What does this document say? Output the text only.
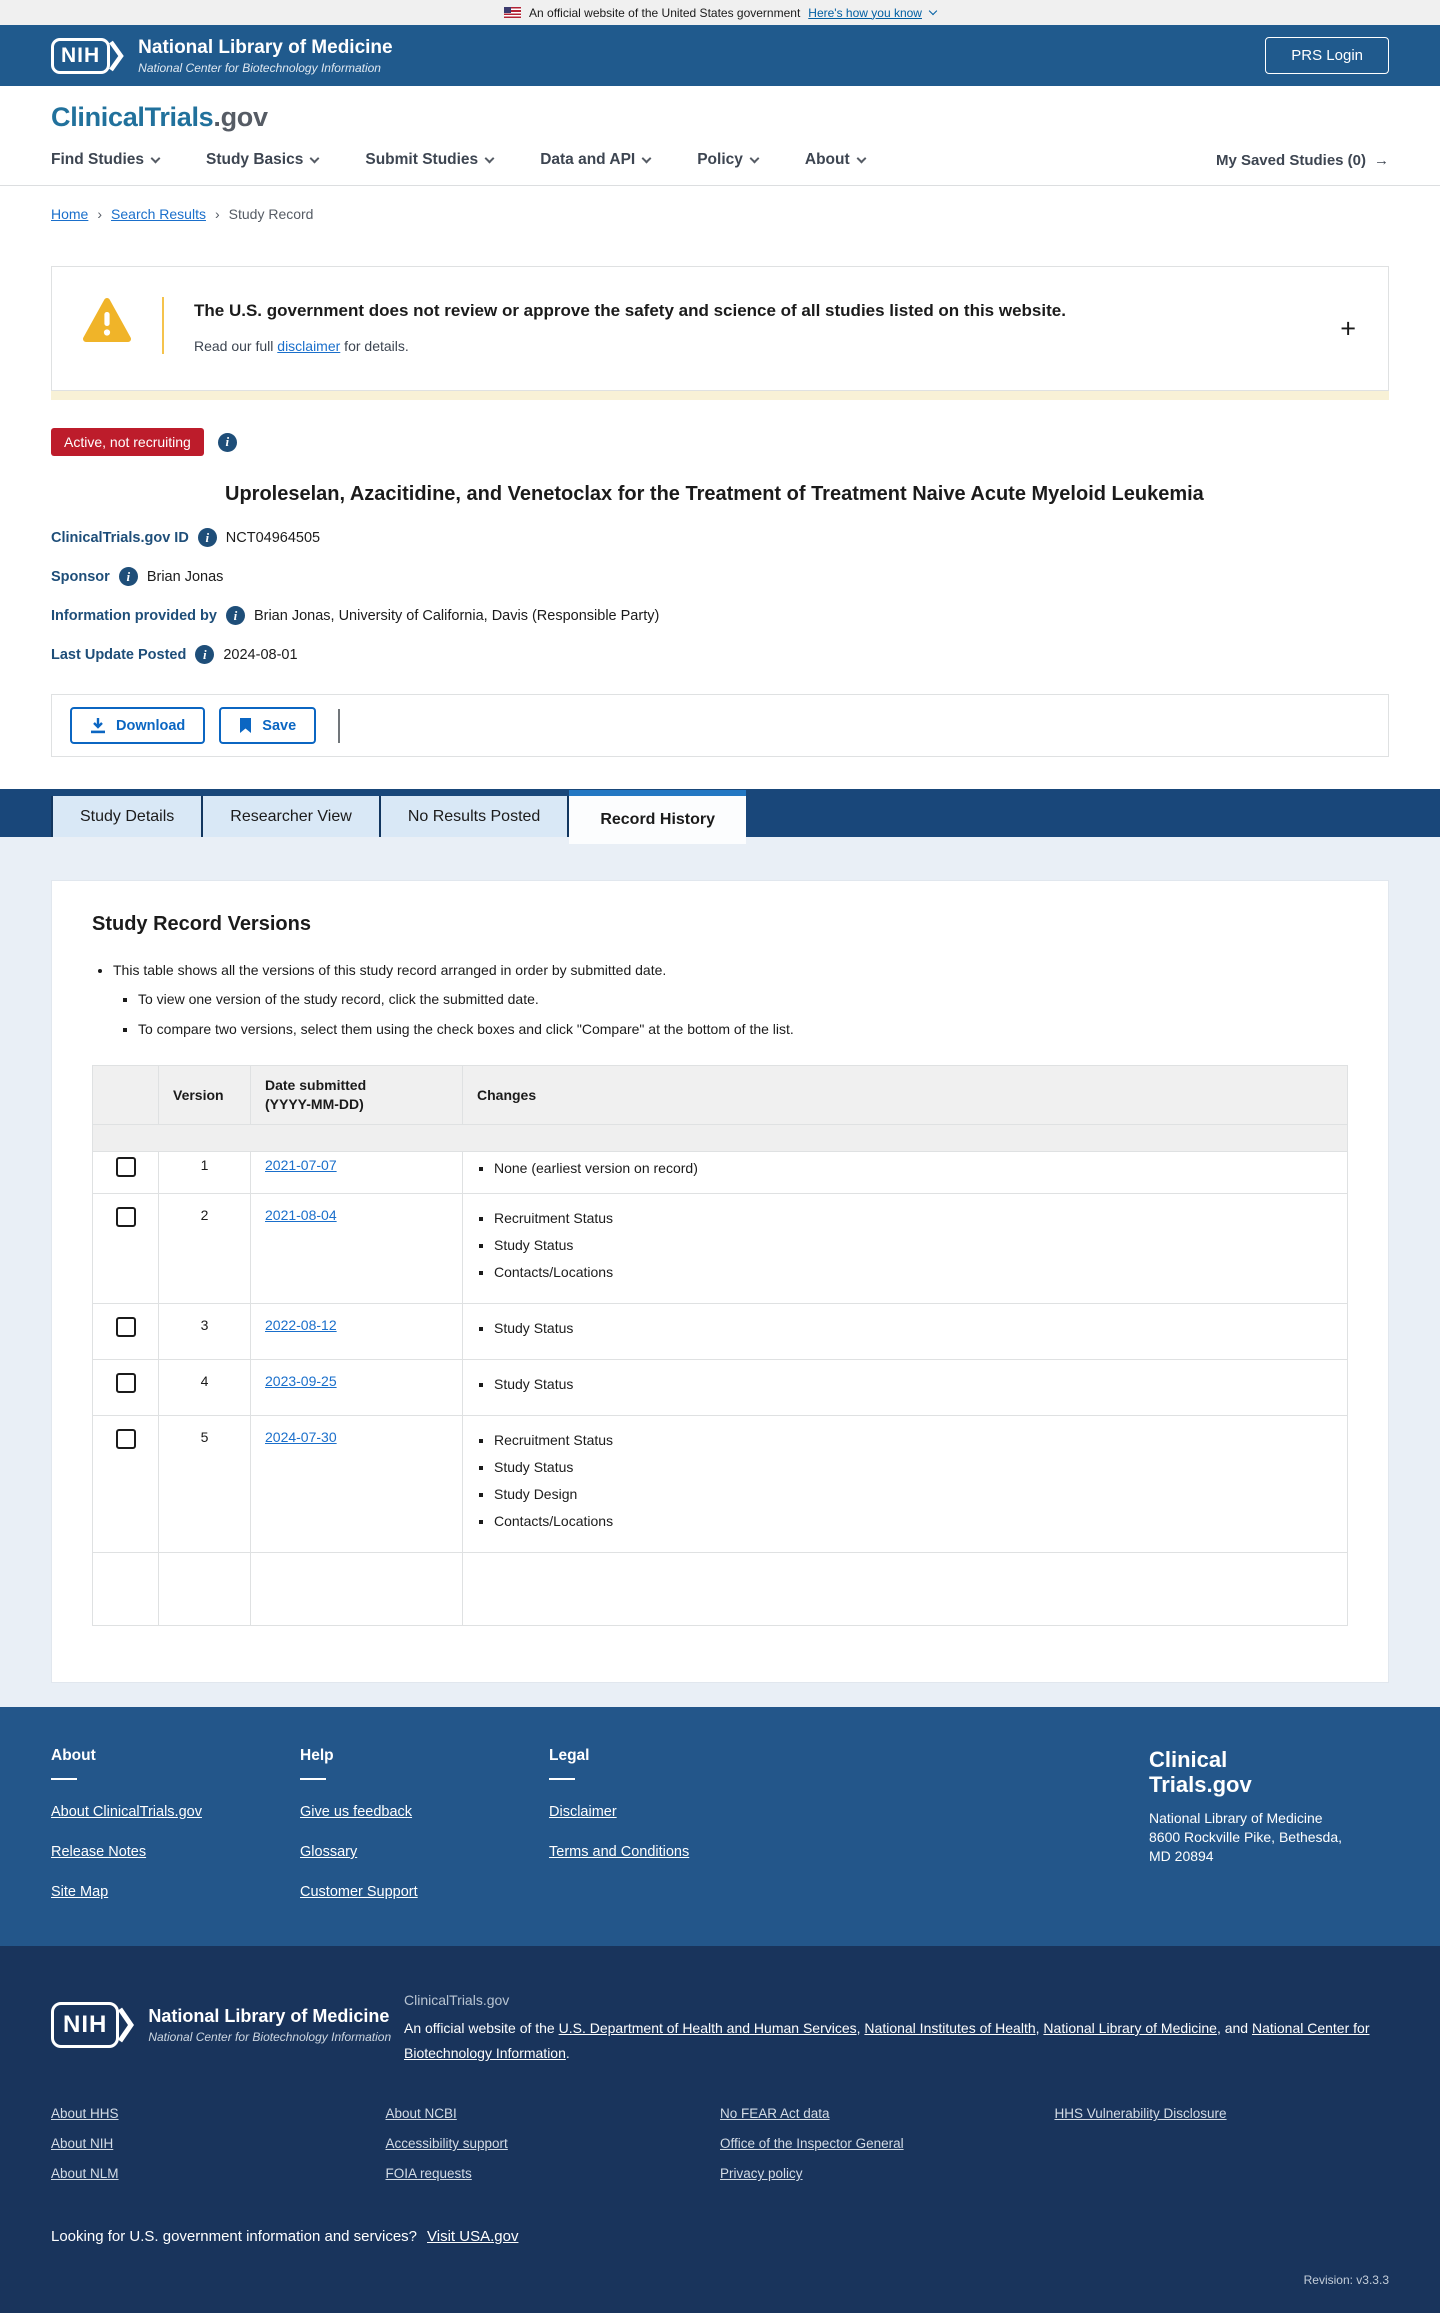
An official website of the United States government Here's how you know
NIH	National Library of Medicine
National Center for Biotechnology Information
PRS Login
ClinicalTrials.gov
Find Studies	Study Basics	Submit Studies	Data and API	Policy	About	My Saved Studies (0) →
Home › Search Results › Study Record
The U.S. government does not review or approve the safety and science of all studies listed on this website.
Read our full disclaimer for details.
+
Active, not recruiting	i
Uproleselan, Azacitidine, and Venetoclax for the Treatment of Treatment Naive Acute Myeloid Leukemia
ClinicalTrials.gov ID	i	NCT04964505
Sponsor	i	Brian Jonas
Information provided by	i	Brian Jonas, University of California, Davis (Responsible Party)
Last Update Posted	i	2024-08-01
Download	Save
Study Details	Researcher View	No Results Posted	Record History
Study Record Versions
• This table shows all the versions of this study record arranged in order by submitted date.
▪ To view one version of the study record, click the submitted date.
▪ To compare two versions, select them using the check boxes and click "Compare" at the bottom of the list.
	Version	Date submitted
(YYYY-MM-DD)	Changes

	1	2021-07-07	
▪None (earliest version on record)

	2	2021-08-04	
▪Recruitment Status
▪ Study Status
▪ Contacts/Locations

	3	2022-08-12	
▪Study Status

	4	2023-09-25	
▪Study Status

	5	2024-07-30	
▪Recruitment Status
▪ Study Status
▪ Study Design
▪ Contacts/Locations

About
About ClinicalTrials.gov
Release Notes
Site Map
Help
Give us feedback
Glossary
Customer Support
Legal
Disclaimer
Terms and Conditions
Clinical
Trials.gov
National Library of Medicine
8600 Rockville Pike, Bethesda, MD 20894
NIH	National Library of Medicine
National Center for Biotechnology Information
ClinicalTrials.gov
An official website of the U.S. Department of Health and Human Services, National Institutes of Health, National Library of Medicine, and National Center for Biotechnology Information.
About HHS
About NIH
About NLM
About NCBI
Accessibility support
FOIA requests
No FEAR Act data
Office of the Inspector General
Privacy policy
HHS Vulnerability Disclosure
Looking for U.S. government information and services? Visit USA.gov
Revision: v3.3.3
